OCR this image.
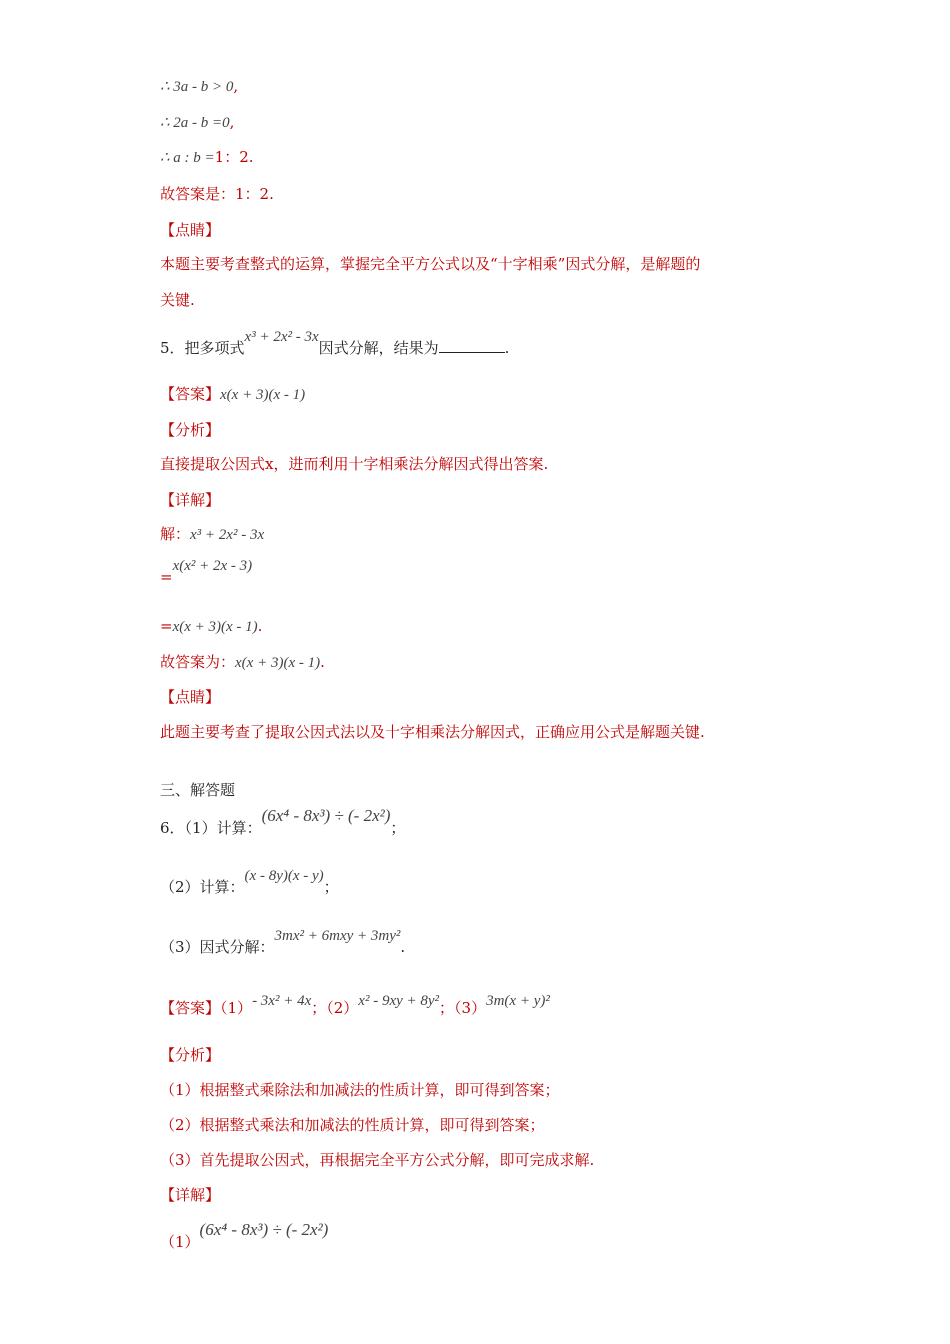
∴ 3a - b > 0,
∴ 2a - b =0,
∴ a : b =1：2.
故答案是：1：2.
【点睛】
本题主要考查整式的运算，掌握完全平方公式以及“十字相乘”因式分解，是解题的
关键.
5．把多项式x³ + 2x² - 3x因式分解，结果为	.
【答案】x(x + 3)(x - 1)
【分析】
直接提取公因式x，进而利用十字相乘法分解因式得出答案.
【详解】
解：x³ + 2x² - 3x
=x(x² + 2x - 3)
=x(x + 3)(x - 1).
故答案为：x(x + 3)(x - 1).
【点睛】
此题主要考查了提取公因式法以及十字相乘法分解因式，正确应用公式是解题关键.
三、解答题
6．（1）计算：(6x⁴ - 8x³) ÷ (- 2x²)；
（2）计算：(x - 8y)(x - y)；
（3）因式分解：3mx² + 6mxy + 3my².
【答案】（1）- 3x² + 4x；（2）x² - 9xy + 8y²；（3）3m(x + y)²
【分析】
（1）根据整式乘除法和加减法的性质计算，即可得到答案；
（2）根据整式乘法和加减法的性质计算，即可得到答案；
（3）首先提取公因式，再根据完全平方公式分解，即可完成求解.
【详解】
（1）(6x⁴ - 8x³) ÷ (- 2x²)
